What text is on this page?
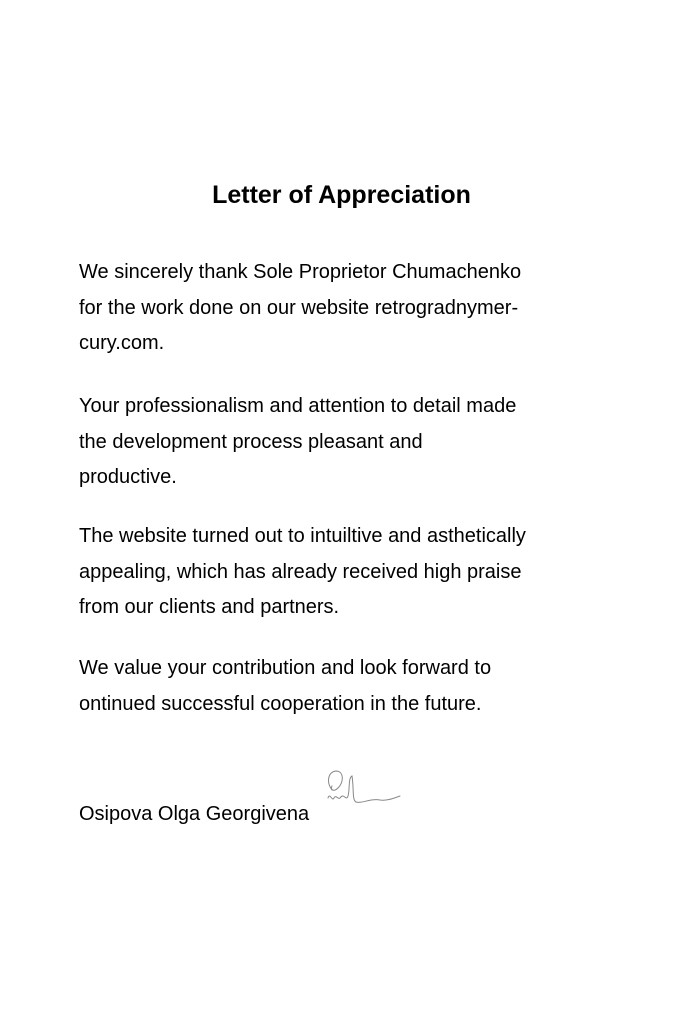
Letter of Appreciation
We sincerely thank Sole Proprietor Chumachenko
for the work done on our website retrogradnymer-
cury.com.
Your professionalism and attention to detail made
the development process pleasant and
productive.
The website turned out to intuiltive and asthetically
appealing, which has already received high praise
from our clients and partners.
We value your contribution and look forward to
ontinued successful cooperation in the future.
Osipova Olga Georgivena
